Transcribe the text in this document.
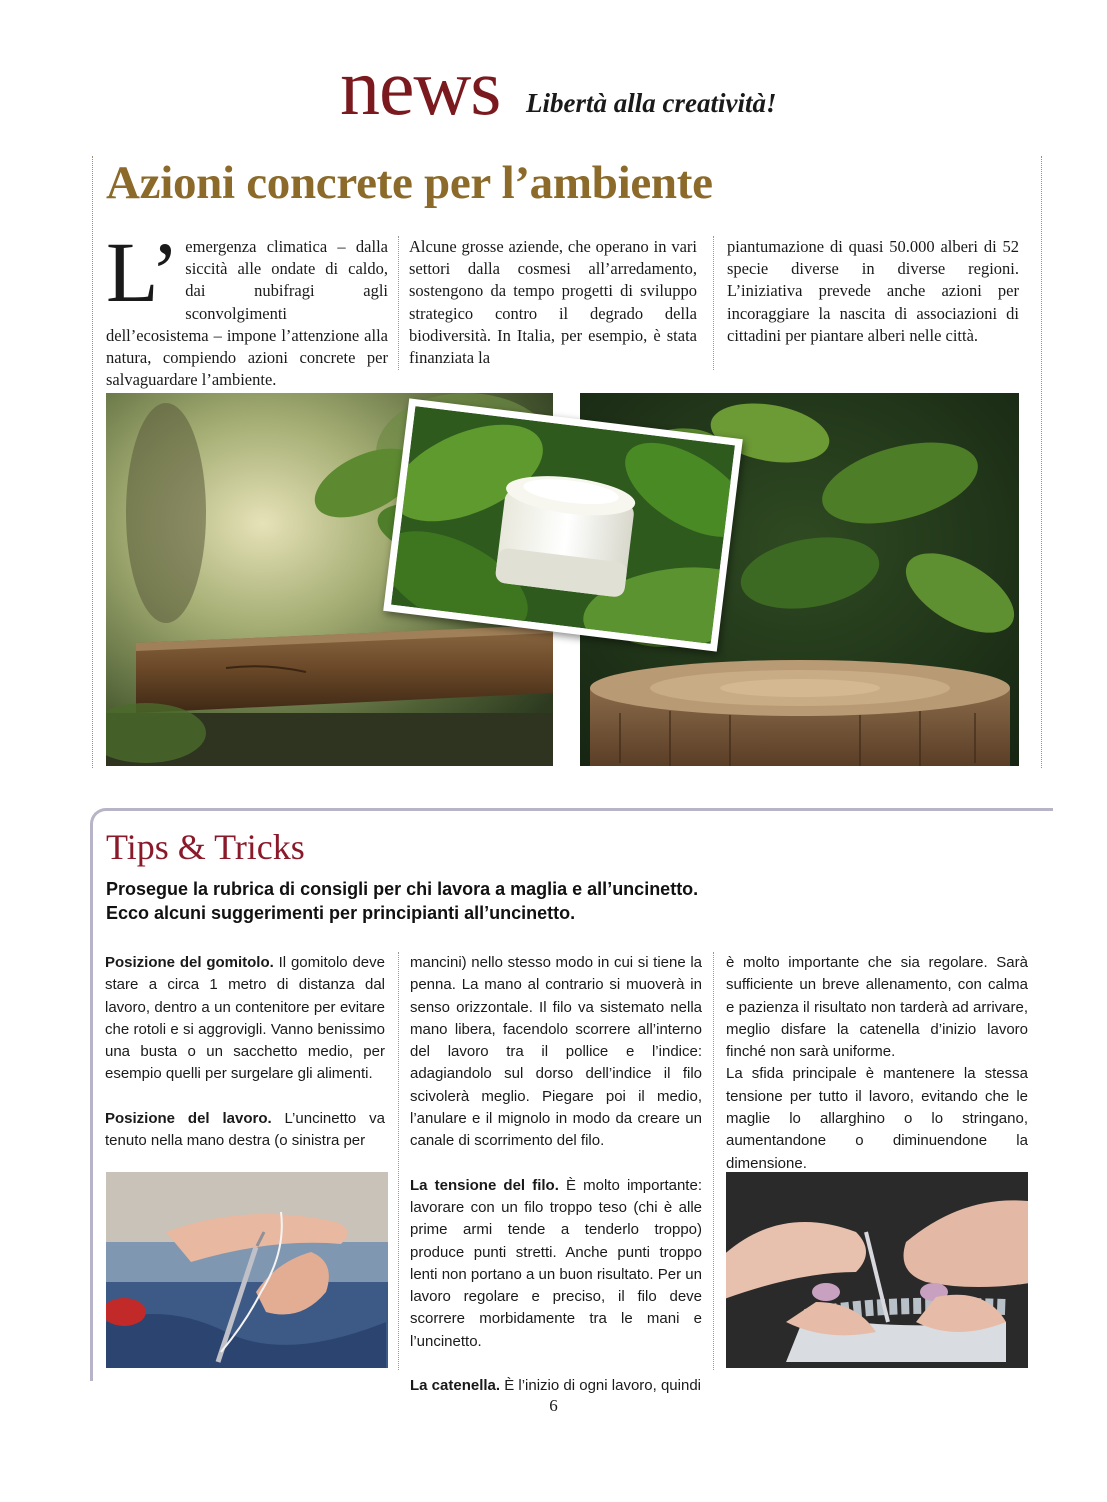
news Libertà alla creatività!
Azioni concrete per l’ambiente
L’ emergenza climatica – dalla siccità alle ondate di caldo, dai nubifragi agli sconvolgimenti dell’ecosistema – impone l’attenzione alla natura, compiendo azioni concrete per salvaguardare l’ambiente.
Alcune grosse aziende, che operano in vari settori dalla cosmesi all’arredamento, sostengono da tempo progetti di sviluppo strategico contro il degrado della biodiversità. In Italia, per esempio, è stata finanziata la
piantumazione di quasi 50.000 alberi di 52 specie diverse in diverse regioni. L’iniziativa prevede anche azioni per incoraggiare la nascita di associazioni di cittadini per piantare alberi nelle città.
Tips & Tricks
Prosegue la rubrica di consigli per chi lavora a maglia e all’uncinetto.
Ecco alcuni suggerimenti per principianti all’uncinetto.

Posizione del gomitolo. Il gomitolo deve stare a circa 1 metro di distanza dal lavoro, dentro a un contenitore per evitare che rotoli e si aggrovigli. Vanno benissimo una busta o un sacchetto medio, per esempio quelli per surgelare gli alimenti.

Posizione del lavoro. L’uncinetto va tenuto nella mano destra (o sinistra per

mancini) nello stesso modo in cui si tiene la penna. La mano al contrario si muoverà in senso orizzontale. Il filo va sistemato nella mano libera, facendolo scorrere all’interno del lavoro tra il pollice e l’indice: adagiandolo sul dorso dell’indice il filo scivolerà meglio. Piegare poi il medio, l’anulare e il mignolo in modo da creare un canale di scorrimento del filo.

La tensione del filo. È molto importante: lavorare con un filo troppo teso (chi è alle prime armi tende a tenderlo troppo) produce punti stretti. Anche punti troppo lenti non portano a un buon risultato. Per un lavoro regolare e preciso, il filo deve scorrere morbidamente tra le mani e l’uncinetto.

La catenella. È l’inizio di ogni lavoro, quindi

è molto importante che sia regolare. Sarà sufficiente un breve allenamento, con calma e pazienza il risultato non tarderà ad arrivare, meglio disfare la catenella d’inizio lavoro finché non sarà uniforme.

La sfida principale è mantenere la stessa tensione per tutto il lavoro, evitando che le maglie lo allarghino o lo stringano, aumentandone o diminuendone la dimensione.

6
